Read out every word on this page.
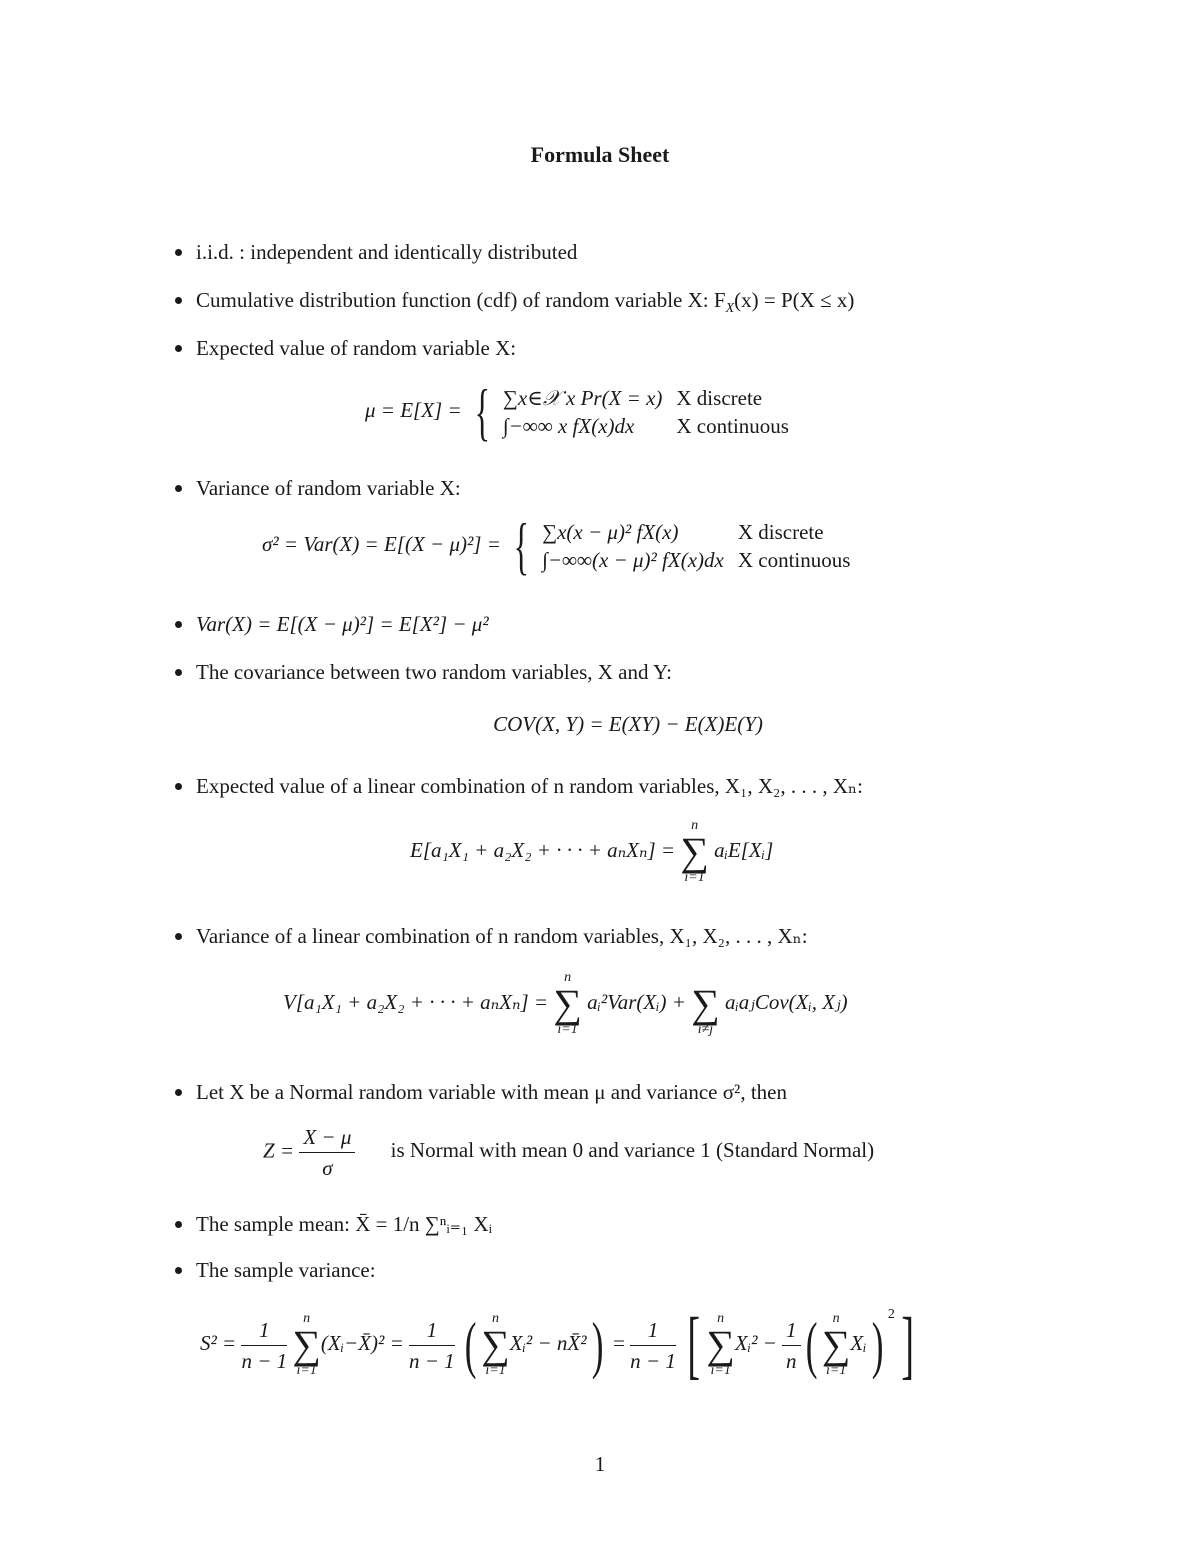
Formula Sheet
i.i.d. : independent and identically distributed
Cumulative distribution function (cdf) of random variable X: $F_X(x) = P(X \le x)$
Expected value of random variable X:
μ = E[X] = { ∑x∈𝒳 x Pr(X = x)	X discrete
∫−∞∞ x fX(x)dx	X continuous
Variance of random variable X:
σ² = Var(X) = E[(X − μ)²] = { ∑x(x − μ)² fX(x)	X discrete
∫−∞∞(x − μ)² fX(x)dx	X continuous
Var(X) = E[(X − μ)²] = E[X²] − μ²
The covariance between two random variables, X and Y:
COV(X, Y) = E(XY) − E(X)E(Y)
Expected value of a linear combination of n random variables, X₁, X₂, . . . , Xₙ:
E[a₁X₁ + a₂X₂ + · · · + aₙXₙ] =
n
∑
i=1
aᵢE[Xᵢ]
Variance of a linear combination of n random variables, X₁, X₂, . . . , Xₙ:
V[a₁X₁ + a₂X₂ + · · · + aₙXₙ] =
n
∑
i=1
aᵢ²Var(Xᵢ) +
∑
i≠j
aᵢaⱼCov(Xᵢ, Xⱼ)
Let X be a Normal random variable with mean μ and variance σ², then
$Z = \frac{X - \mu}{\sigma}$ is Normal with mean 0 and variance 1 (Standard Normal)
The sample mean: X̄ = 1/n ∑ⁿᵢ₌₁ Xᵢ
The sample variance:
$S^2 = \frac{1}{n - 1}$
	n
∑
i=1
(Xᵢ−X̄)² = $\frac{1}{n - 1}$ (	n
∑
i=1
Xᵢ² − nX̄²) = $\frac{1}{n - 1}$ [	n
∑
i=1
Xᵢ² − $\frac{1}{n}$ (	n
∑
i=1
Xᵢ) $^2$]
1
